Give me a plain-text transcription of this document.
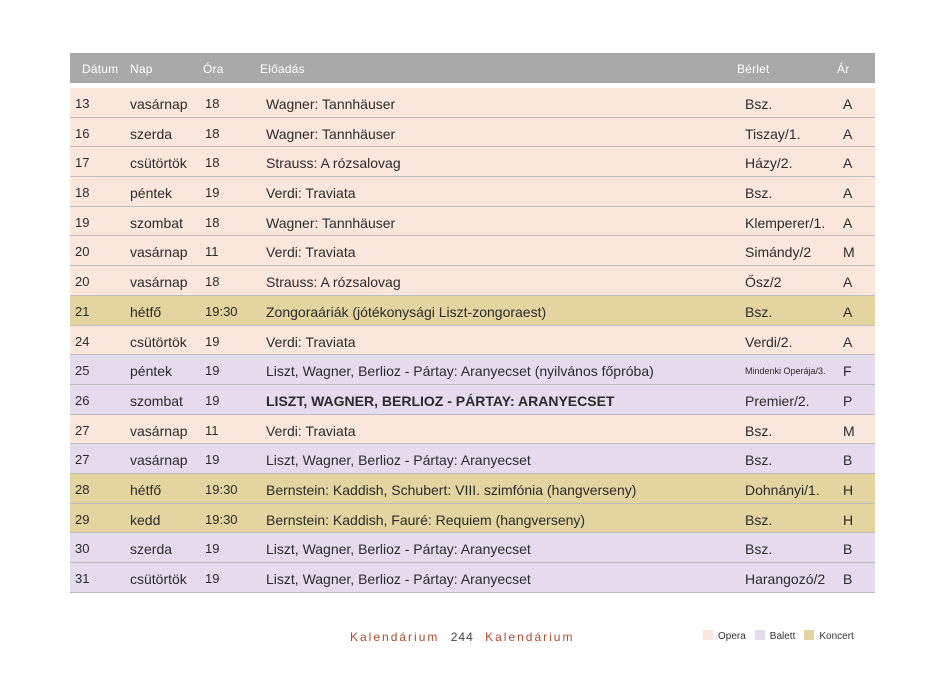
Dátum Nap	Óra	Előadás	Bérlet	Ár
13	vasárnap 18	Wagner: Tannhäuser	Bsz.	A
16	szerda	18	Wagner: Tannhäuser	Tiszay/1.	A
17	csütörtök 18	Strauss: A rózsalovag	Házy/2.	A
18	péntek	19	Verdi: Traviata	Bsz.	A
19	szombat 18	Wagner: Tannhäuser	Klemperer/1. A
20	vasárnap 11	Verdi: Traviata	Simándy/2 M
20	vasárnap 18	Strauss: A rózsalovag	Ősz/2	A
21	hétfő	19:30 Zongoraáriák (jótékonysági Liszt-zongoraest)	Bsz.	A
24	csütörtök 19	Verdi: Traviata	Verdi/2.	A
25	péntek	19	Liszt, Wagner, Berlioz - Pártay: Aranyecset (nyilvános főpróba)	Mindenki Operája/3. F
26	szombat 19	LISZT, WAGNER, BERLIOZ - PÁRTAY: ARANYECSET	Premier/2. P
27	vasárnap 11	Verdi: Traviata	Bsz.	M
27	vasárnap 19	Liszt, Wagner, Berlioz - Pártay: Aranyecset	Bsz.	B
28	hétfő	19:30 Bernstein: Kaddish, Schubert: VIII. szimfónia (hangverseny)	Dohnányi/1. H
29	kedd	19:30 Bernstein: Kaddish, Fauré: Requiem (hangverseny)	Bsz.	H
30	szerda	19	Liszt, Wagner, Berlioz - Pártay: Aranyecset	Bsz.	B
31	csütörtök 19	Liszt, Wagner, Berlioz - Pártay: Aranyecset	Harangozó/2 B
Kalendárium 244 Kalendárium	Opera Balett Koncert
